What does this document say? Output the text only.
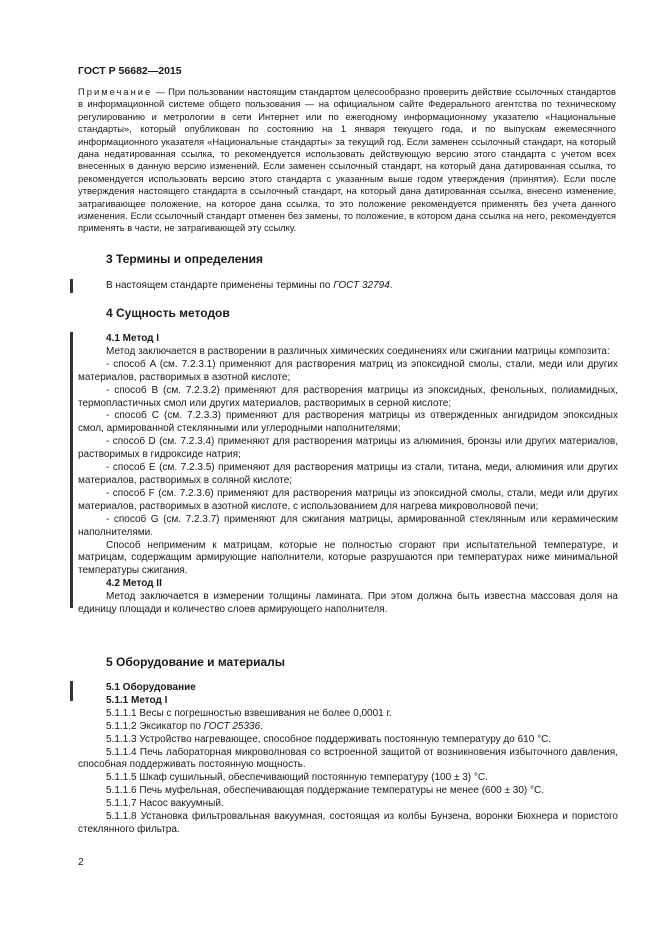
ГОСТ Р 56682—2015
Примечание — При пользовании настоящим стандартом целесообразно проверить действие ссылочных стандартов в информационной системе общего пользования — на официальном сайте Федерального агентства по техническому регулированию и метрологии в сети Интернет или по ежегодному информационному указателю «Национальные стандарты», который опубликован по состоянию на 1 января текущего года, и по выпускам ежемесячного информационного указателя «Национальные стандарты» за текущий год. Если заменен ссылочный стандарт, на который дана недатированная ссылка, то рекомендуется использовать действующую версию этого стандарта с учетом всех внесенных в данную версию изменений. Если заменен ссылочный стандарт, на который дана датированная ссылка, то рекомендуется использовать версию этого стандарта с указанным выше годом утверждения (принятия). Если после утверждения настоящего стандарта в ссылочный стандарт, на который дана датированная ссылка, внесено изменение, затрагивающее положение, на которое дана ссылка, то это положение рекомендуется применять без учета данного изменения. Если ссылочный стандарт отменен без замены, то положение, в котором дана ссылка на него, рекомендуется применять в части, не затрагивающей эту ссылку.
3 Термины и определения
В настоящем стандарте применены термины по ГОСТ 32794.
4 Сущность методов

4.1 Метод I

Метод заключается в растворении в различных химических соединениях или сжигании матрицы композита:

- способ A (см. 7.2.3.1) применяют для растворения матриц из эпоксидной смолы, стали, меди или других материалов, растворимых в азотной кислоте;

- способ B (см. 7.2.3.2) применяют для растворения матрицы из эпоксидных, фенольных, полиамидных, термопластичных смол или других материалов, растворимых в серной кислоте;

- способ C (см. 7.2.3.3) применяют для растворения матрицы из отвержденных ангидридом эпоксидных смол, армированной стеклянными или углеродными наполнителями;

- способ D (см. 7.2.3.4) применяют для растворения матрицы из алюминия, бронзы или других материалов, растворимых в гидроксиде натрия;

- способ E (см. 7.2.3.5) применяют для растворения матрицы из стали, титана, меди, алюминия или других материалов, растворимых в соляной кислоте;

- способ F (см. 7.2.3.6) применяют для растворения матрицы из эпоксидной смолы, стали, меди или других материалов, растворимых в азотной кислоте, с использованием для нагрева микроволновой печи;

- способ G (см. 7.2.3.7) применяют для сжигания матрицы, армированной стеклянным или керамическим наполнителями.

Способ неприменим к матрицам, которые не полностью сгорают при испытательной температуре, и матрицам, содержащим армирующие наполнители, которые разрушаются при температурах ниже минимальной температуры сжигания.

4.2 Метод II

Метод заключается в измерении толщины ламината. При этом должна быть известна массовая доля на единицу площади и количество слоев армирующего наполнителя.

5 Оборудование и материалы

5.1 Оборудование

5.1.1 Метод I

5.1.1.1 Весы с погрешностью взвешивания не более 0,0001 г.

5.1.1.2 Эксикатор по ГОСТ 25336.

5.1.1.3 Устройство нагревающее, способное поддерживать постоянную температуру до 610 °С.

5.1.1.4 Печь лабораторная микроволновая со встроенной защитой от возникновения избыточного давления, способная поддерживать постоянную мощность.

5.1.1.5 Шкаф сушильный, обеспечивающий постоянную температуру (100 ± 3) °С.

5.1.1.6 Печь муфельная, обеспечивающая поддержание температуры не менее (600 ± 30) °С.

5.1.1.7 Насос вакуумный.

5.1.1.8 Установка фильтровальная вакуумная, состоящая из колбы Бунзена, воронки Бюхнера и пористого стеклянного фильтра.

2
